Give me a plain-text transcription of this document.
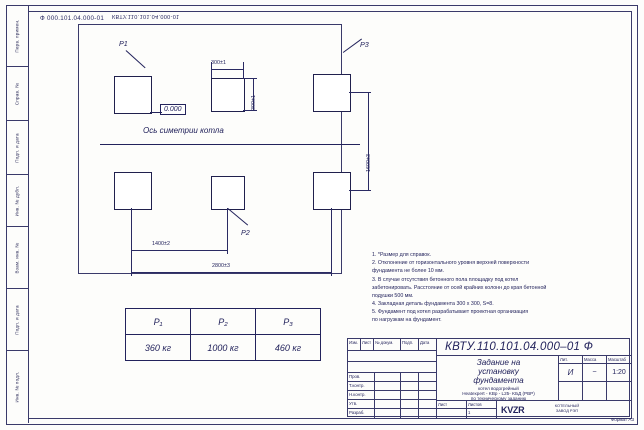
Перв. примен.
Справ. №
Подп. и дата
Инв. № дубл.
Взам. инв. №
Подп. и дата
Инв. № подл.
Ф 000.101.04.000-01 КВТУ.110.101.04.000-01
Ось симетрии котла
0.000
P1	P3
P2
300±1
300±1
1600±3
1400±2
2800±3
1. *Размер для справок.
2. Отклонение от горизонтального уровня верхней поверхности
фундамента не более 10 мм.
3. В случае отсутствия бетонного пола площадку под котел
забетонировать. Расстояние от осей крайних колонн до края бетонной
подушки 500 мм.
4. Закладная деталь фундамента 300 х 300, S=8.
5. Фундамент под котел разрабатывает проектная организация
по нагрузкам на фундамент.
P₁	P₂	P₃
360 кг	1000 кг	460 кг
Изм. Лист № докум.	Подп.	Дата
Пров.
Т.контр.
Н.контр.
Утв.
Разраб.
КВТУ.110.101.04.000–01 Ф
Задание на
установку
фундамента
котел водогрейный
Heatexpert - KBp - L25- KБД (РВР)
по техническому заданию
Лит.	Масса	Масштаб
И	~	1:20
Лист	Листов
1	KVZR	КОТЕЛЬНЫЙ
ЗАВОД РЭП
Формат А3
